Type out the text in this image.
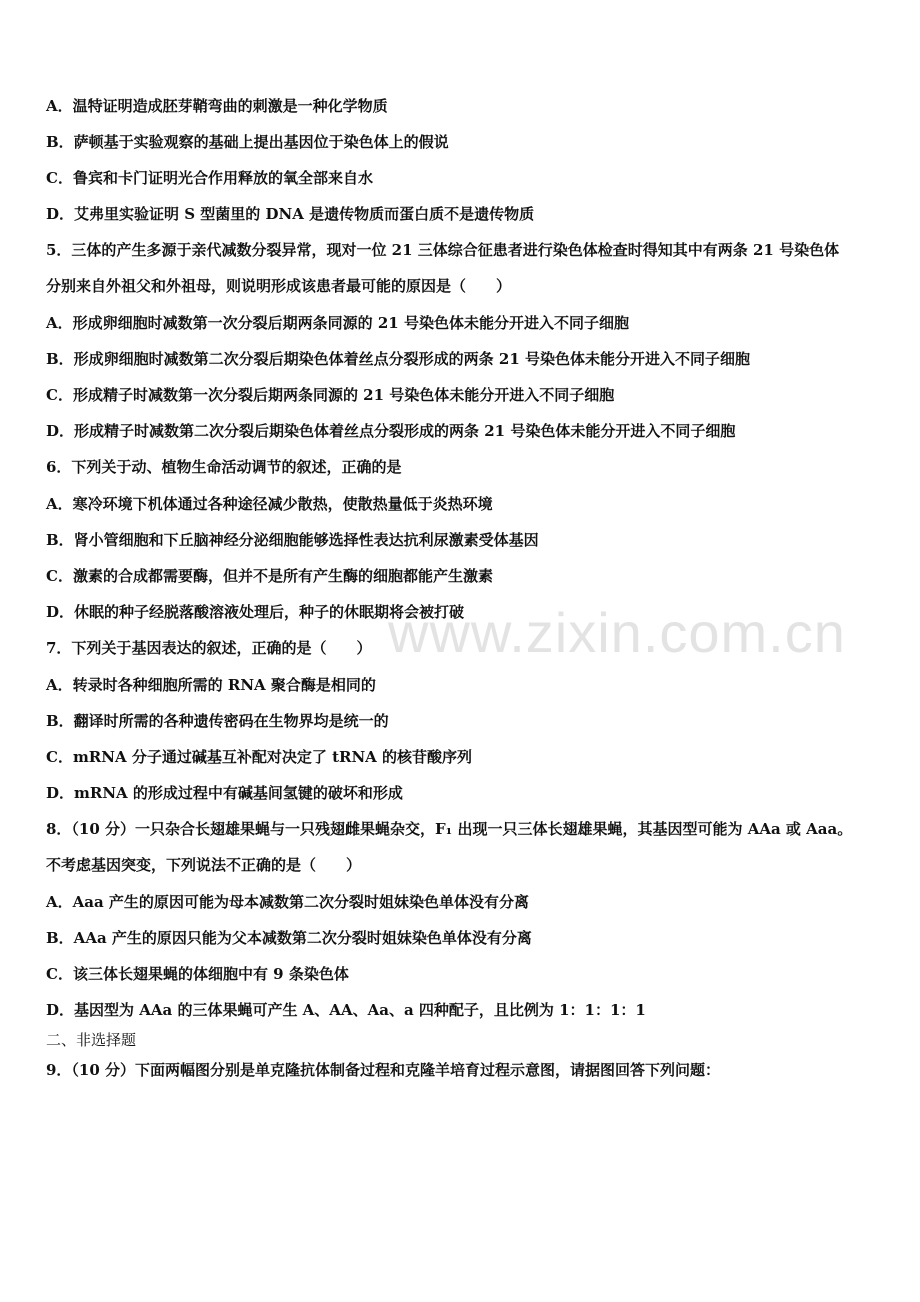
www.zixin.com.cn
A．温特证明造成胚芽鞘弯曲的刺激是一种化学物质
B．萨顿基于实验观察的基础上提出基因位于染色体上的假说
C．鲁宾和卡门证明光合作用释放的氧全部来自水
D．艾弗里实验证明 S 型菌里的 DNA 是遗传物质而蛋白质不是遗传物质
5．三体的产生多源于亲代减数分裂异常，现对一位 21 三体综合征患者进行染色体检查时得知其中有两条 21 号染色体
分别来自外祖父和外祖母，则说明形成该患者最可能的原因是（　　）
A．形成卵细胞时减数第一次分裂后期两条同源的 21 号染色体未能分开进入不同子细胞
B．形成卵细胞时减数第二次分裂后期染色体着丝点分裂形成的两条 21 号染色体未能分开进入不同子细胞
C．形成精子时减数第一次分裂后期两条同源的 21 号染色体未能分开进入不同子细胞
D．形成精子时减数第二次分裂后期染色体着丝点分裂形成的两条 21 号染色体未能分开进入不同子细胞
6．下列关于动、植物生命活动调节的叙述，正确的是
A．寒冷环境下机体通过各种途径减少散热，使散热量低于炎热环境
B．肾小管细胞和下丘脑神经分泌细胞能够选择性表达抗利尿激素受体基因
C．激素的合成都需要酶，但并不是所有产生酶的细胞都能产生激素
D．休眠的种子经脱落酸溶液处理后，种子的休眠期将会被打破
7．下列关于基因表达的叙述，正确的是（　　）
A．转录时各种细胞所需的 RNA 聚合酶是相同的
B．翻译时所需的各种遗传密码在生物界均是统一的
C．mRNA 分子通过碱基互补配对决定了 tRNA 的核苷酸序列
D．mRNA 的形成过程中有碱基间氢键的破坏和形成
8．（10 分）一只杂合长翅雄果蝇与一只残翅雌果蝇杂交，F₁ 出现一只三体长翅雄果蝇，其基因型可能为 AAa 或 Aaa。
不考虑基因突变，下列说法不正确的是（　　）
A．Aaa 产生的原因可能为母本减数第二次分裂时姐妹染色单体没有分离
B．AAa 产生的原因只能为父本减数第二次分裂时姐妹染色单体没有分离
C．该三体长翅果蝇的体细胞中有 9 条染色体
D．基因型为 AAa 的三体果蝇可产生 A、AA、Aa、a 四种配子，且比例为 1：1：1：1
二、非选择题
9．（10 分）下面两幅图分别是单克隆抗体制备过程和克隆羊培育过程示意图，请据图回答下列问题：
